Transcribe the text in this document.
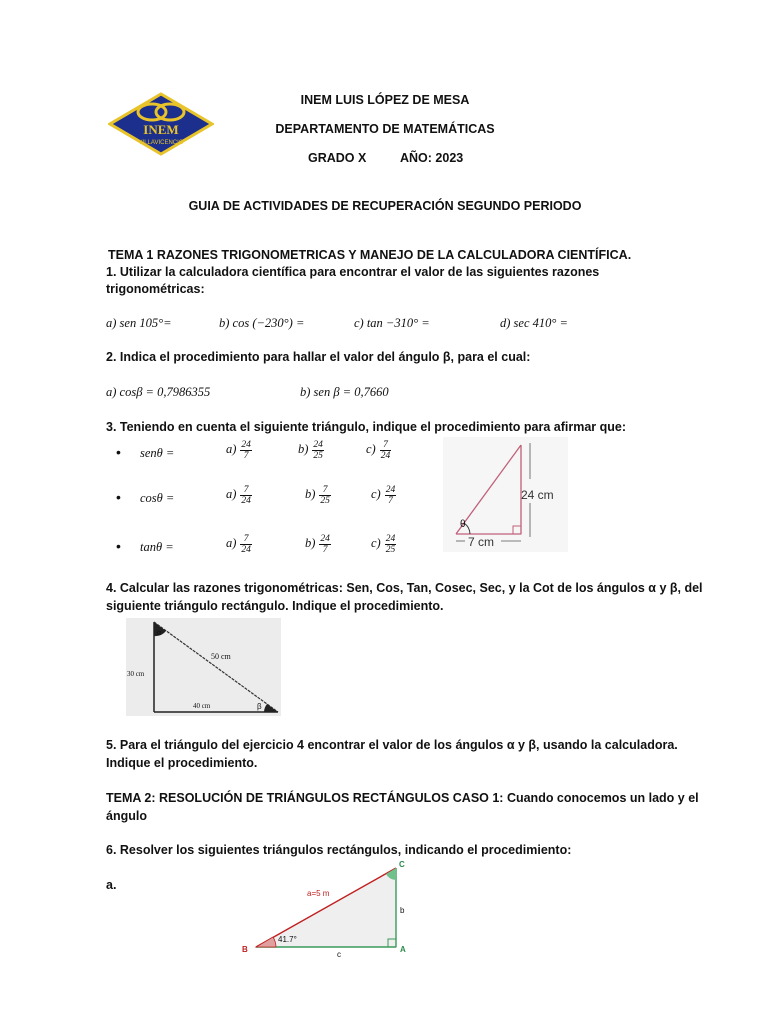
INEM
VILLAVICENCIO
INEM LUIS LÓPEZ DE MESA
DEPARTAMENTO DE MATEMÁTICAS
GRADO X	AÑO: 2023
GUIA DE ACTIVIDADES DE RECUPERACIÓN SEGUNDO PERIODO
TEMA 1 RAZONES TRIGONOMETRICAS Y MANEJO DE LA CALCULADORA CIENTÍFICA.
1. Utilizar la calculadora científica para encontrar el valor de las siguientes razones
trigonométricas:
a) sen 105°=	b) cos (−230°) =	c) tan −310° =	d) sec 410° =
2. Indica el procedimiento para hallar el valor del ángulo β, para el cual:
a) cosβ = 0,7986355	b) sen β = 0,7660
3. Teniendo en cuenta el siguiente triángulo, indique el procedimiento para afirmar que:
• senθ =	$a) \frac{24}{7}$	$b) \frac{24}{25}$	$c) \frac{7}{24}$
• cosθ =	$a) \frac{7}{24}$	$b) \frac{7}{25}$	$c) \frac{24}{7}$
• tanθ =	$a) \frac{7}{24}$	$b) \frac{24}{7}$	$c) \frac{24}{25}$
θ
24 cm
7 cm
4. Calcular las razones trigonométricas: Sen, Cos, Tan, Cosec, Sec, y la Cot de los ángulos α y β, del
siguiente triángulo rectángulo. Indique el procedimiento.
α
50 cm
30 cm
40 cm	β
5. Para el triángulo del ejercicio 4 encontrar el valor de los ángulos α y β, usando la calculadora.
Indique el procedimiento.
TEMA 2: RESOLUCIÓN DE TRIÁNGULOS RECTÁNGULOS CASO 1: Cuando conocemos un lado y el
ángulo
6. Resolver los siguientes triángulos rectángulos, indicando el procedimiento:
a.
a=5 m
41.7°
B	A
C
b
c
